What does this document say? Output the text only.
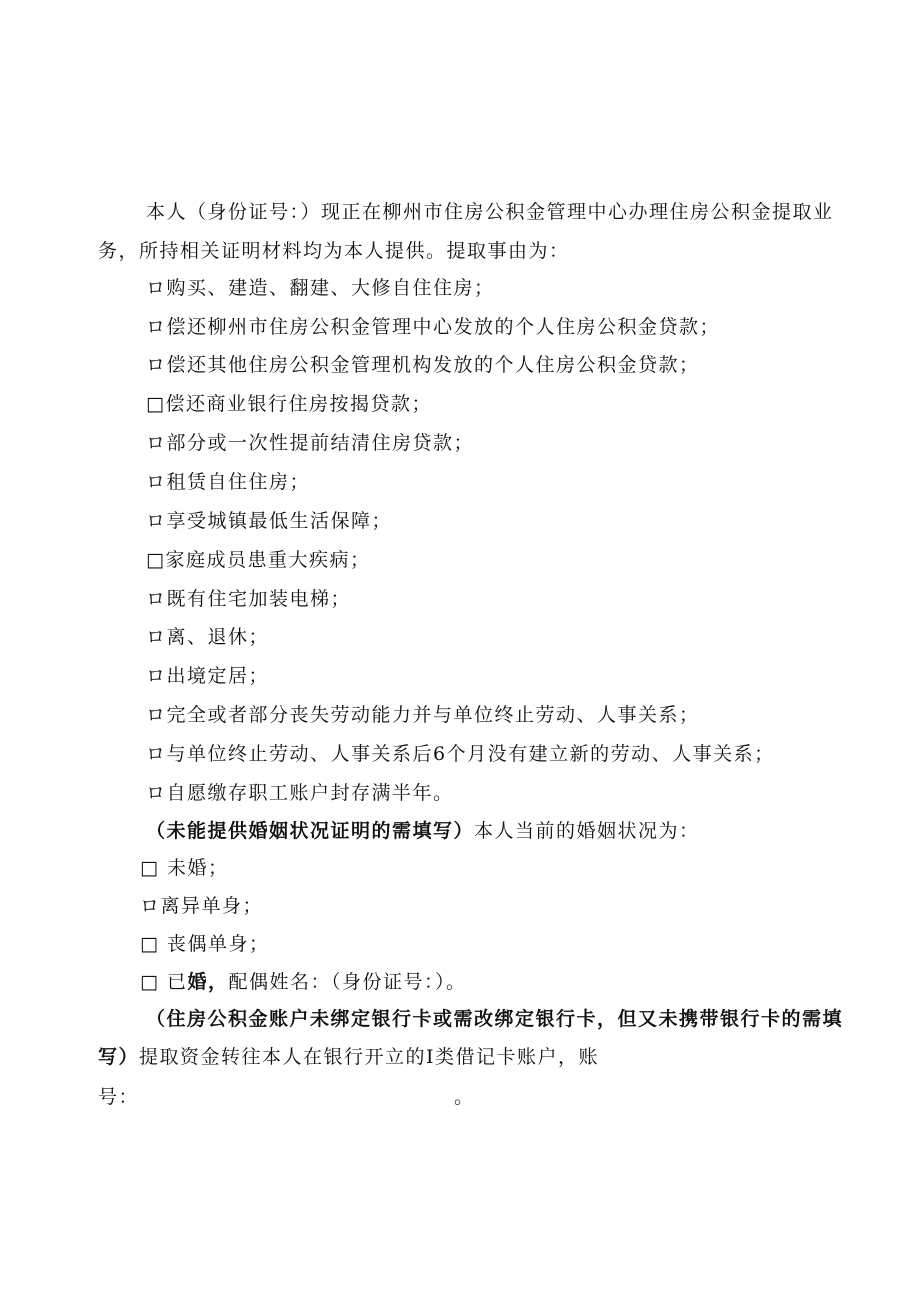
本人（身份证号：）现正在柳州市住房公积金管理中心办理住房公积金提取业
务，所持相关证明材料均为本人提供。提取事由为：
ロ购买、建造、翻建、大修自住住房；
ロ偿还柳州市住房公积金管理中心发放的个人住房公积金贷款；
ロ偿还其他住房公积金管理机构发放的个人住房公积金贷款；
□偿还商业银行住房按揭贷款；
ロ部分或一次性提前结清住房贷款；
ロ租赁自住住房；
ロ享受城镇最低生活保障；
□家庭成员患重大疾病；
ロ既有住宅加装电梯；
ロ离、退休；
ロ出境定居；
ロ完全或者部分丧失劳动能力并与单位终止劳动、人事关系；
ロ与单位终止劳动、人事关系后6个月没有建立新的劳动、人事关系；
ロ自愿缴存职工账户封存满半年。
（未能提供婚姻状况证明的需填写）本人当前的婚姻状况为：
□ 未婚；
ロ离异单身；
□ 丧偶单身；
□ 已婚，配偶姓名：（身份证号：）。
（住房公积金账户未绑定银行卡或需改绑定银行卡，但又未携带银行卡的需填
写）提取资金转往本人在银行开立的I类借记卡账户，账
号：	。
